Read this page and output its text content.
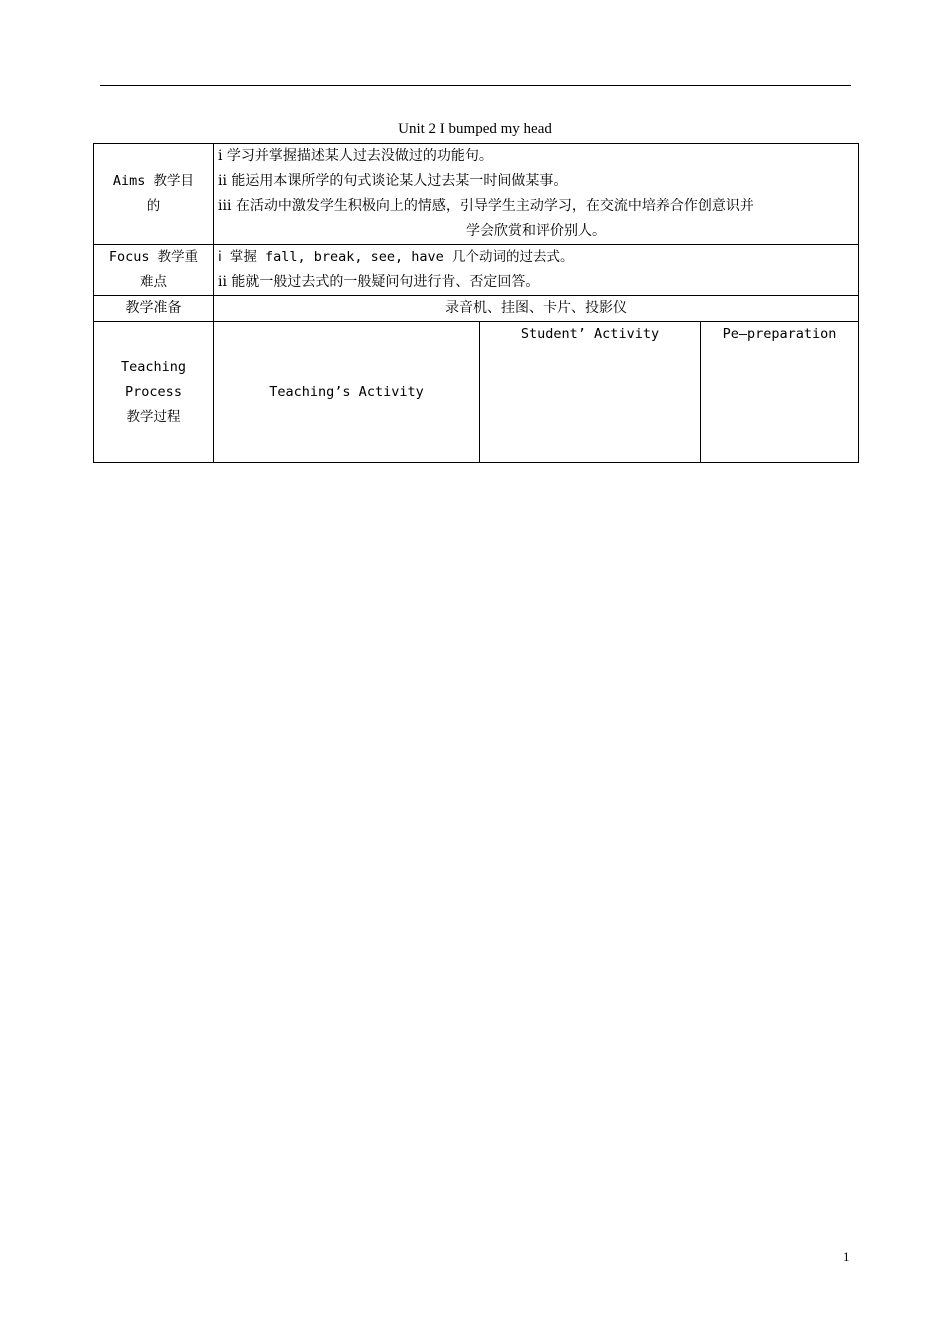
Unit 2 I bumped my head
Aims 教学目
的	ⅰ 学习并掌握描述某人过去没做过的功能句。
ⅱ 能运用本课所学的句式谈论某人过去某一时间做某事。
ⅲ 在活动中激发学生积极向上的情感，引导学生主动学习，在交流中培养合作创意识并
学会欣赏和评价别人。		

Focus 教学重
难点	ⅰ 掌握 fall, break, see, have 几个动词的过去式。
ⅱ 能就一般过去式的一般疑问句进行肯、否定回答。		

教学准备	录音机、挂图、卡片、投影仪		

Teaching
Process
教学过程	Teaching’s Activity	Student’ Activity	Pe—preparation
1
